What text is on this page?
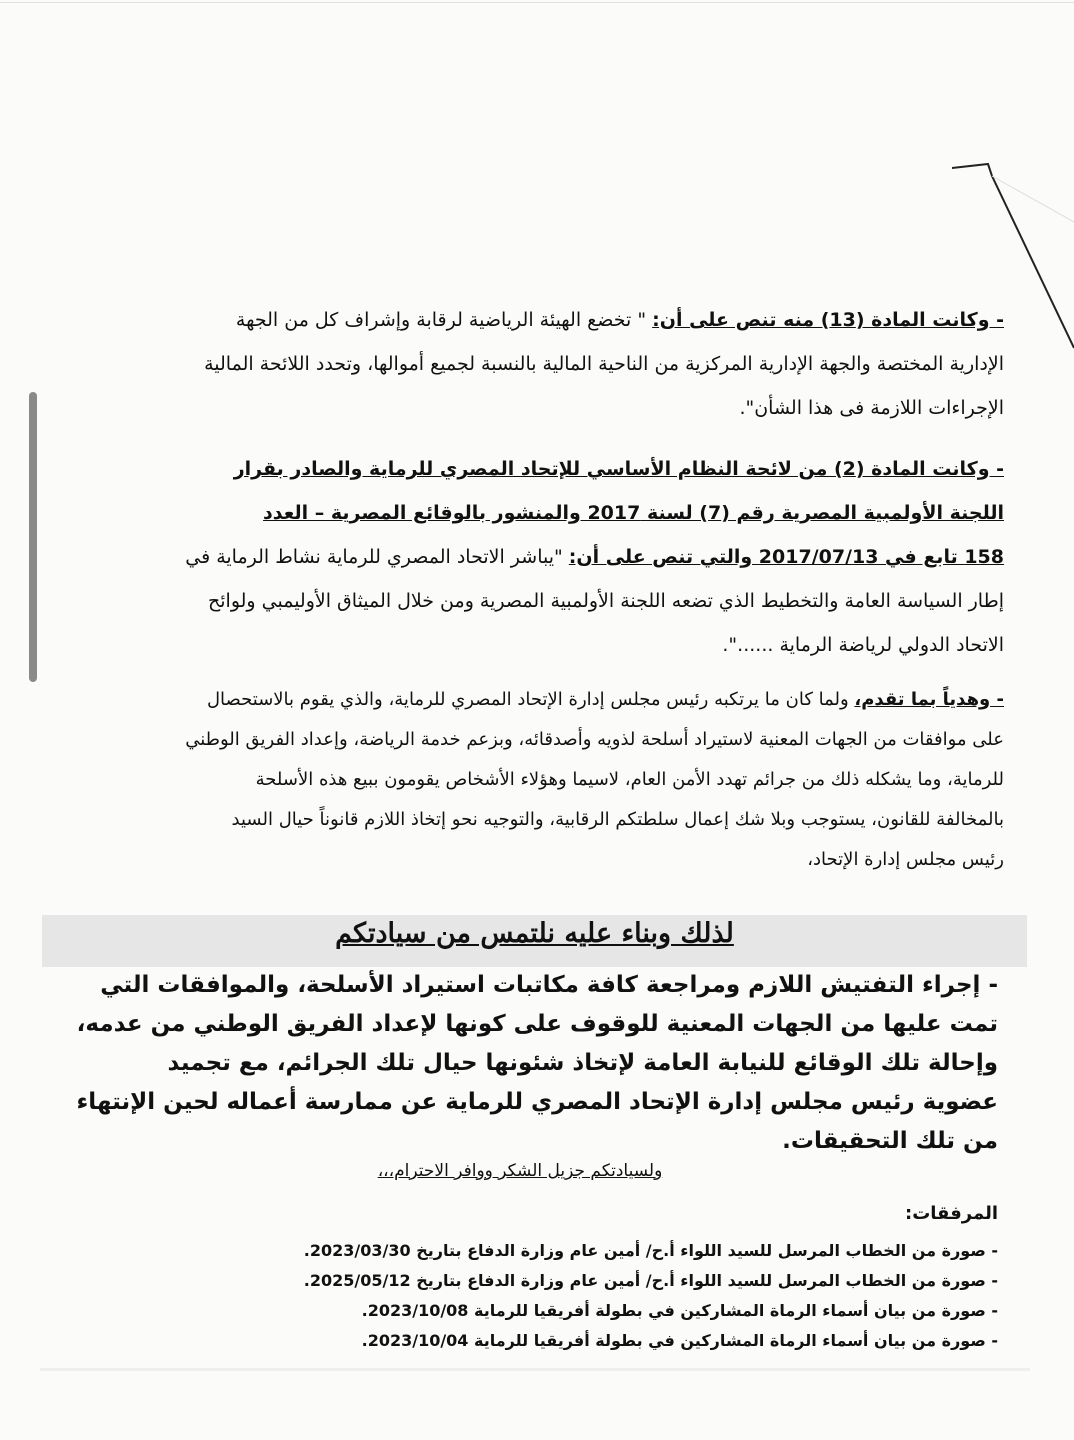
- وكانت المادة (13) منه تنص على أن: " تخضع الهيئة الرياضية لرقابة وإشراف كل من الجهة
الإدارية المختصة والجهة الإدارية المركزية من الناحية المالية بالنسبة لجميع أموالها، وتحدد اللائحة المالية
الإجراءات اللازمة فى هذا الشأن".
- وكانت المادة (2) من لائحة النظام الأساسي للإتحاد المصري للرماية والصادر بقرار
اللجنة الأولمبية المصرية رقم (7) لسنة 2017 والمنشور بالوقائع المصرية – العدد
158 تابع في 2017/07/13 والتي تنص على أن: "يباشر الاتحاد المصري للرماية نشاط الرماية في
إطار السياسة العامة والتخطيط الذي تضعه اللجنة الأولمبية المصرية ومن خلال الميثاق الأوليمبي ولوائح
الاتحاد الدولي لرياضة الرماية ......".
- وهدياً بما تقدم، ولما كان ما يرتكبه رئيس مجلس إدارة الإتحاد المصري للرماية، والذي يقوم بالاستحصال
على موافقات من الجهات المعنية لاستيراد أسلحة لذويه وأصدقائه، وبزعم خدمة الرياضة، وإعداد الفريق الوطني
للرماية، وما يشكله ذلك من جرائم تهدد الأمن العام، لاسيما وهؤلاء الأشخاص يقومون ببيع هذه الأسلحة
بالمخالفة للقانون، يستوجب وبلا شك إعمال سلطتكم الرقابية، والتوجيه نحو إتخاذ اللازم قانوناً حيال السيد
رئيس مجلس إدارة الإتحاد،
لذلك وبناء عليه نلتمس من سيادتكم
- إجراء التفتيش اللازم ومراجعة كافة مكاتبات استيراد الأسلحة، والموافقات التي
تمت عليها من الجهات المعنية للوقوف على كونها لإعداد الفريق الوطني من عدمه،
وإحالة تلك الوقائع للنيابة العامة لإتخاذ شئونها حيال تلك الجرائم، مع تجميد
عضوية رئيس مجلس إدارة الإتحاد المصري للرماية عن ممارسة أعماله لحين الإنتهاء
من تلك التحقيقات.
ولسيادتكم جزيل الشكر ووافر الاحترام،،،
المرفقات:
- صورة من الخطاب المرسل للسيد اللواء أ.ح/ أمين عام وزارة الدفاع بتاريخ 2023/03/30.
- صورة من الخطاب المرسل للسيد اللواء أ.ح/ أمين عام وزارة الدفاع بتاريخ 2025/05/12.
- صورة من بيان أسماء الرماة المشاركين في بطولة أفريقيا للرماية 2023/10/08.
- صورة من بيان أسماء الرماة المشاركين في بطولة أفريقيا للرماية 2023/10/04.
